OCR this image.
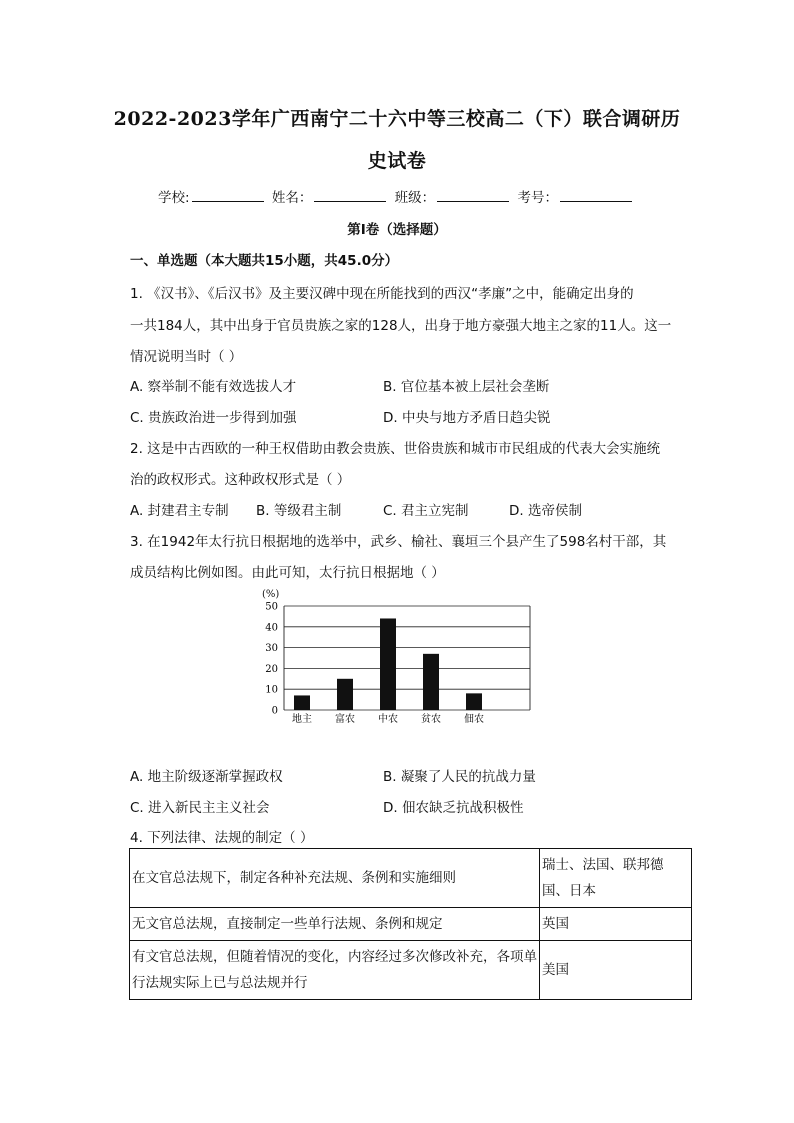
2022-2023学年广西南宁二十六中等三校高二（下）联合调研历
史试卷
学校:	姓名：	班级：	考号：
第Ⅰ卷（选择题）
一、单选题（本大题共15小题，共45.0分）
1. 《汉书》、《后汉书》及主要汉碑中现在所能找到的西汉“孝廉”之中，能确定出身的
一共184人，其中出身于官员贵族之家的128人，出身于地方豪强大地主之家的11人。这一
情况说明当时（ ）
A. 察举制不能有效选拔人才	B. 官位基本被上层社会垄断
C. 贵族政治进一步得到加强	D. 中央与地方矛盾日趋尖锐
2. 这是中古西欧的一种王权借助由教会贵族、世俗贵族和城市市民组成的代表大会实施统
治的政权形式。这种政权形式是（ ）
A. 封建君主专制 B. 等级君主制	C. 君主立宪制	D. 选帝侯制
3. 在1942年太行抗日根据地的选举中，武乡、榆社、襄垣三个县产生了598名村干部，其
成员结构比例如图。由此可知，太行抗日根据地（ ）
(%)
0
10
20
30
40
50
地主 富农 中农 贫农 佃农
A. 地主阶级逐渐掌握政权	B. 凝聚了人民的抗战力量
C. 进入新民主主义社会	D. 佃农缺乏抗战积极性
4. 下列法律、法规的制定（ ）
在文官总法规下，制定各种补充法规、条例和实施细则	瑞士、法国、联邦德国、日本
无文官总法规，直接制定一些单行法规、条例和规定	英国
有文官总法规，但随着情况的变化，内容经过多次修改补充，各项单行法规实际上已与总法规并行	美国
